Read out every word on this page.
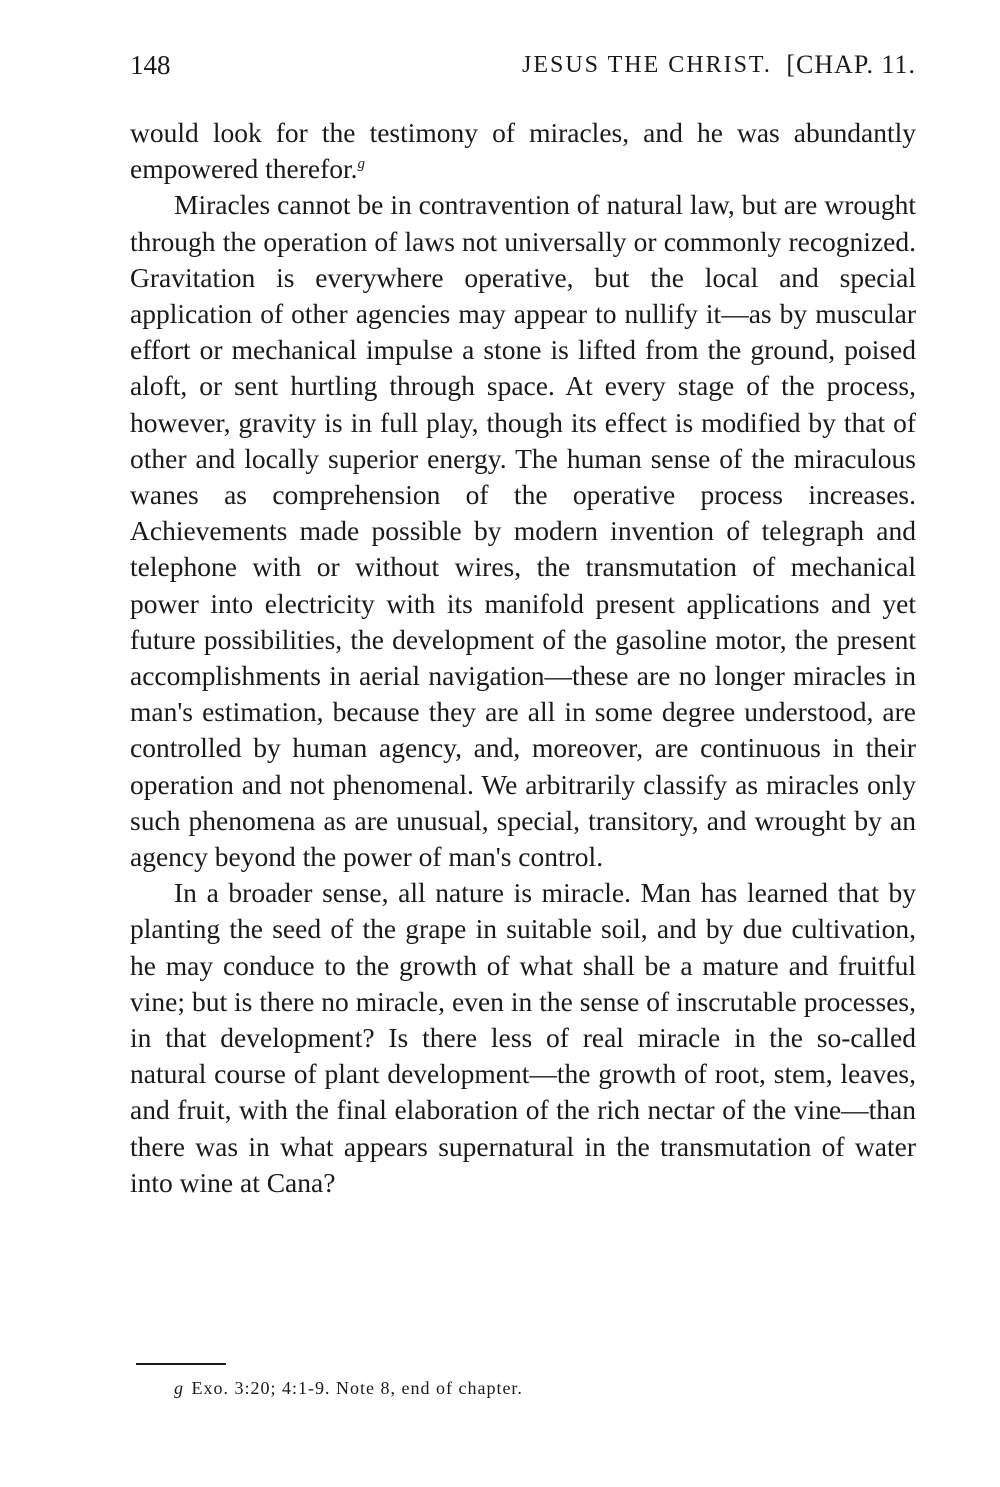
148	JESUS THE CHRIST. [CHAP. 11.

would look for the testimony of miracles, and he was abundantly empowered therefor.$^g$

Miracles cannot be in contravention of natural law, but are wrought through the operation of laws not universally or commonly recognized. Gravitation is everywhere operative, but the local and special application of other agencies may appear to nullify it—as by muscular effort or mechanical impulse a stone is lifted from the ground, poised aloft, or sent hurtling through space. At every stage of the process, however, gravity is in full play, though its effect is modified by that of other and locally superior energy. The human sense of the miraculous wanes as comprehension of the operative process increases. Achievements made possible by modern invention of telegraph and telephone with or without wires, the transmutation of mechanical power into electricity with its manifold present applications and yet future possibilities, the development of the gasoline motor, the present accomplishments in aerial navigation—these are no longer miracles in man's estimation, because they are all in some degree understood, are controlled by human agency, and, moreover, are continuous in their operation and not phenomenal. We arbitrarily classify as miracles only such phenomena as are unusual, special, transitory, and wrought by an agency beyond the power of man's control.

In a broader sense, all nature is miracle. Man has learned that by planting the seed of the grape in suitable soil, and by due cultivation, he may conduce to the growth of what shall be a mature and fruitful vine; but is there no miracle, even in the sense of inscrutable processes, in that development? Is there less of real miracle in the so-called natural course of plant development—the growth of root, stem, leaves, and fruit, with the final elaboration of the rich nectar of the vine—than there was in what appears supernatural in the transmutation of water into wine at Cana?

g Exo. 3:20; 4:1-9. Note 8, end of chapter.
